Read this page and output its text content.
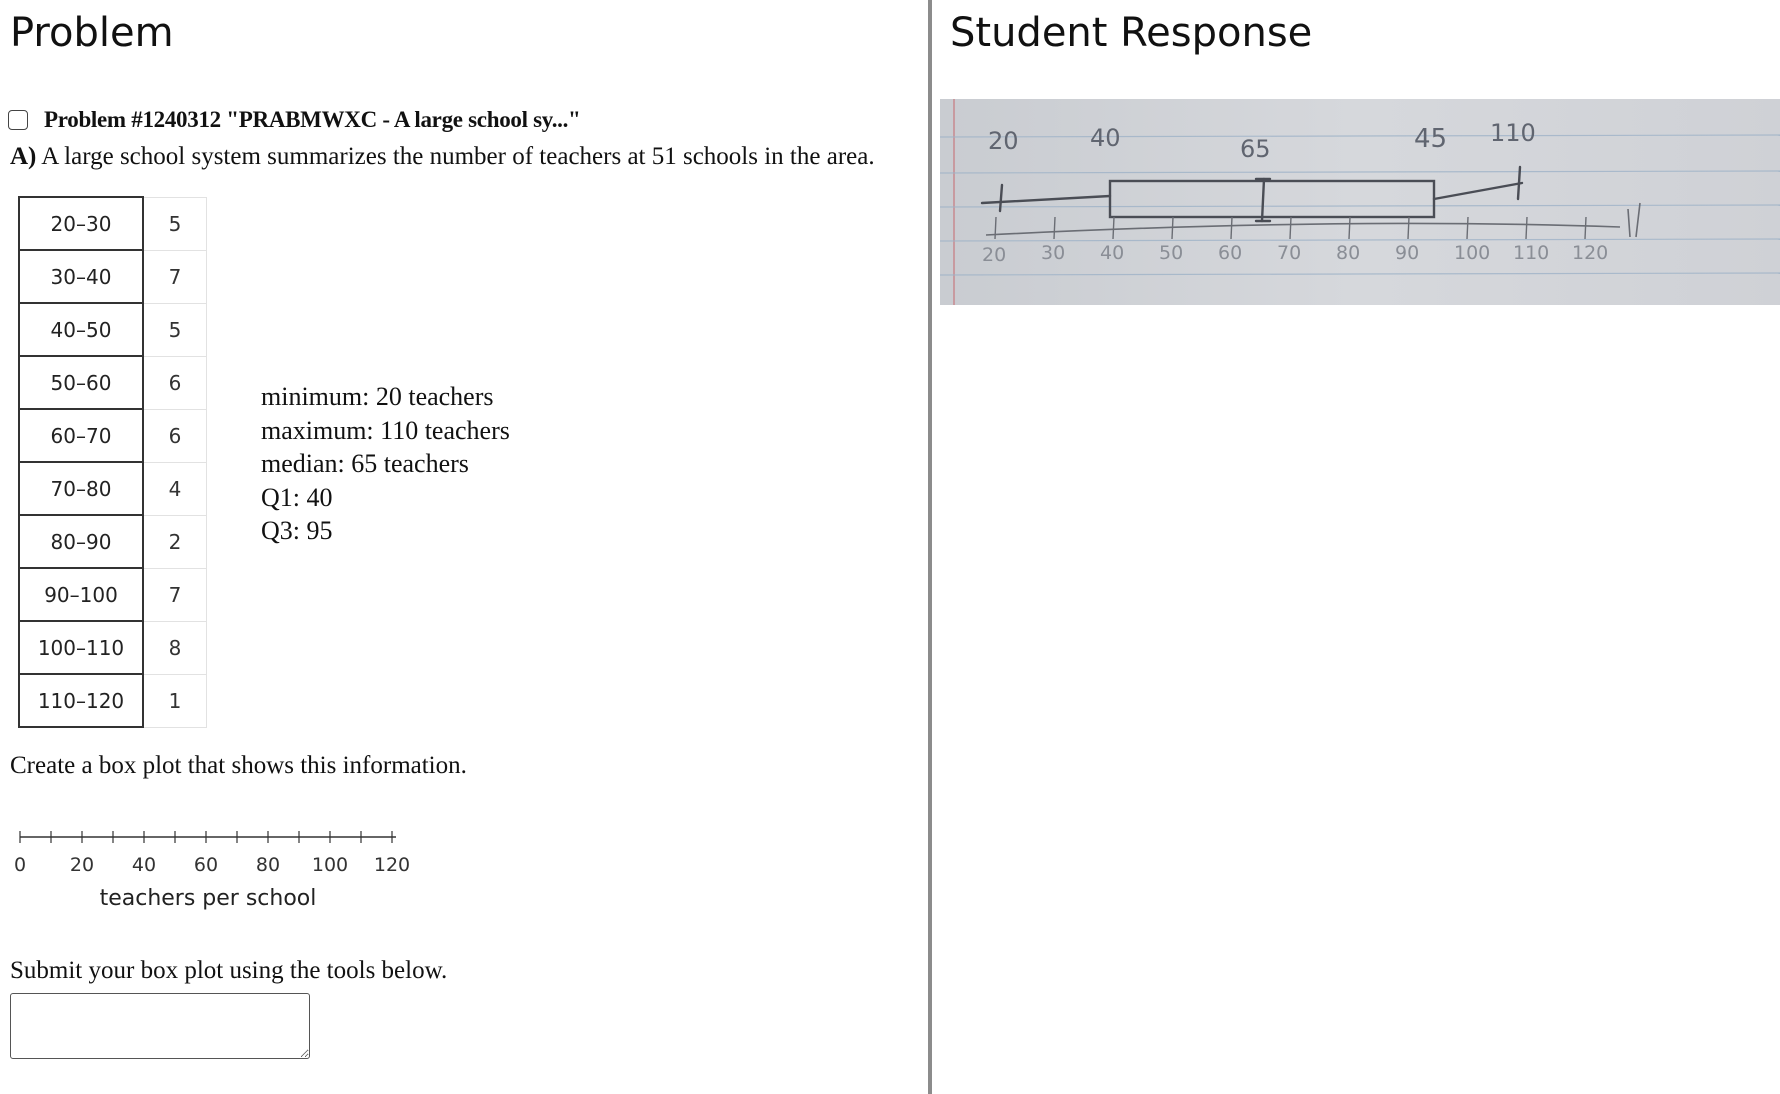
Problem
Problem #1240312 "PRABMWXC - A large school sy..."
A) A large school system summarizes the number of teachers at 51 schools in the area.
20–30	5
30–40	7
40–50	5
50–60	6
60–70	6
70–80	4
80–90	2
90–100	7
100–110	8
110–120	1
minimum: 20 teachers
maximum: 110 teachers
median: 65 teachers
Q1: 40
Q3: 95
Create a box plot that shows this information.
0 20 40 60 80 100 120
teachers per school
Submit your box plot using the tools below.
Student Response
20	40	65	45 110
20 30 40 50 60 70 80 90 100 110 120
